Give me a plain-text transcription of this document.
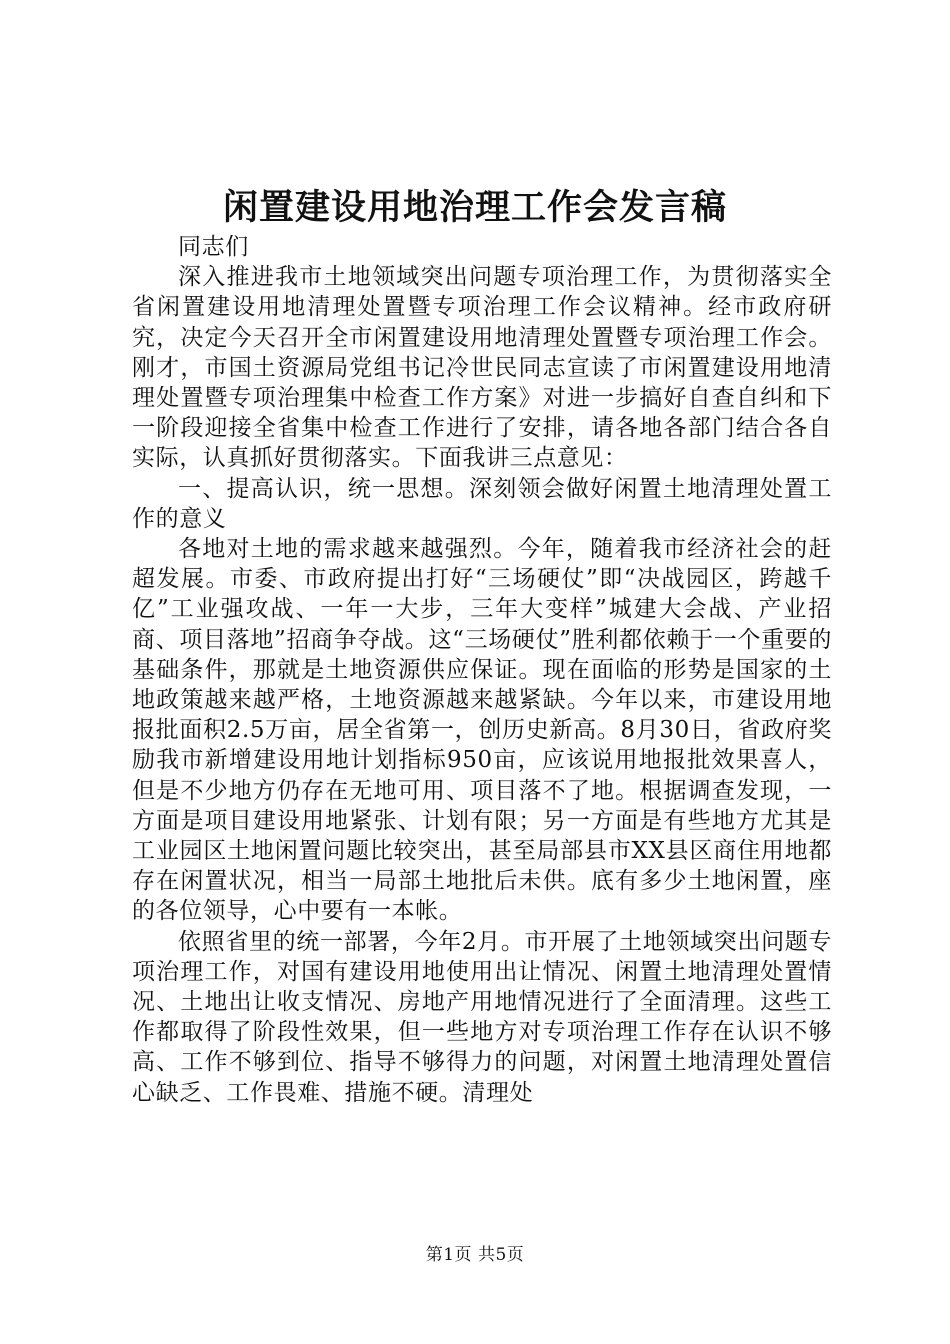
闲置建设用地治理工作会发言稿

同志们

深入推进我市土地领域突出问题专项治理工作，为贯彻落实全省闲置建设用地清理处置暨专项治理工作会议精神。经市政府研究，决定今天召开全市闲置建设用地清理处置暨专项治理工作会。刚才，市国土资源局党组书记冷世民同志宣读了市闲置建设用地清理处置暨专项治理集中检查工作方案》对进一步搞好自查自纠和下一阶段迎接全省集中检查工作进行了安排，请各地各部门结合各自实际，认真抓好贯彻落实。下面我讲三点意见：

一、提高认识，统一思想。深刻领会做好闲置土地清理处置工作的意义

各地对土地的需求越来越强烈。今年，随着我市经济社会的赶超发展。市委、市政府提出打好“三场硬仗”即“决战园区，跨越千亿”工业强攻战、一年一大步，三年大变样”城建大会战、产业招商、项目落地”招商争夺战。这“三场硬仗”胜利都依赖于一个重要的基础条件，那就是土地资源供应保证。现在面临的形势是国家的土地政策越来越严格，土地资源越来越紧缺。今年以来，市建设用地报批面积2.5万亩，居全省第一，创历史新高。8月30日，省政府奖励我市新增建设用地计划指标950亩，应该说用地报批效果喜人，但是不少地方仍存在无地可用、项目落不了地。根据调查发现，一方面是项目建设用地紧张、计划有限；另一方面是有些地方尤其是工业园区土地闲置问题比较突出，甚至局部县市XX县区商住用地都存在闲置状况，相当一局部土地批后未供。底有多少土地闲置，座的各位领导，心中要有一本帐。

依照省里的统一部署，今年2月。市开展了土地领域突出问题专项治理工作，对国有建设用地使用出让情况、闲置土地清理处置情况、土地出让收支情况、房地产用地情况进行了全面清理。这些工作都取得了阶段性效果，但一些地方对专项治理工作存在认识不够高、工作不够到位、指导不够得力的问题，对闲置土地清理处置信心缺乏、工作畏难、措施不硬。清理处

第1页 共5页
